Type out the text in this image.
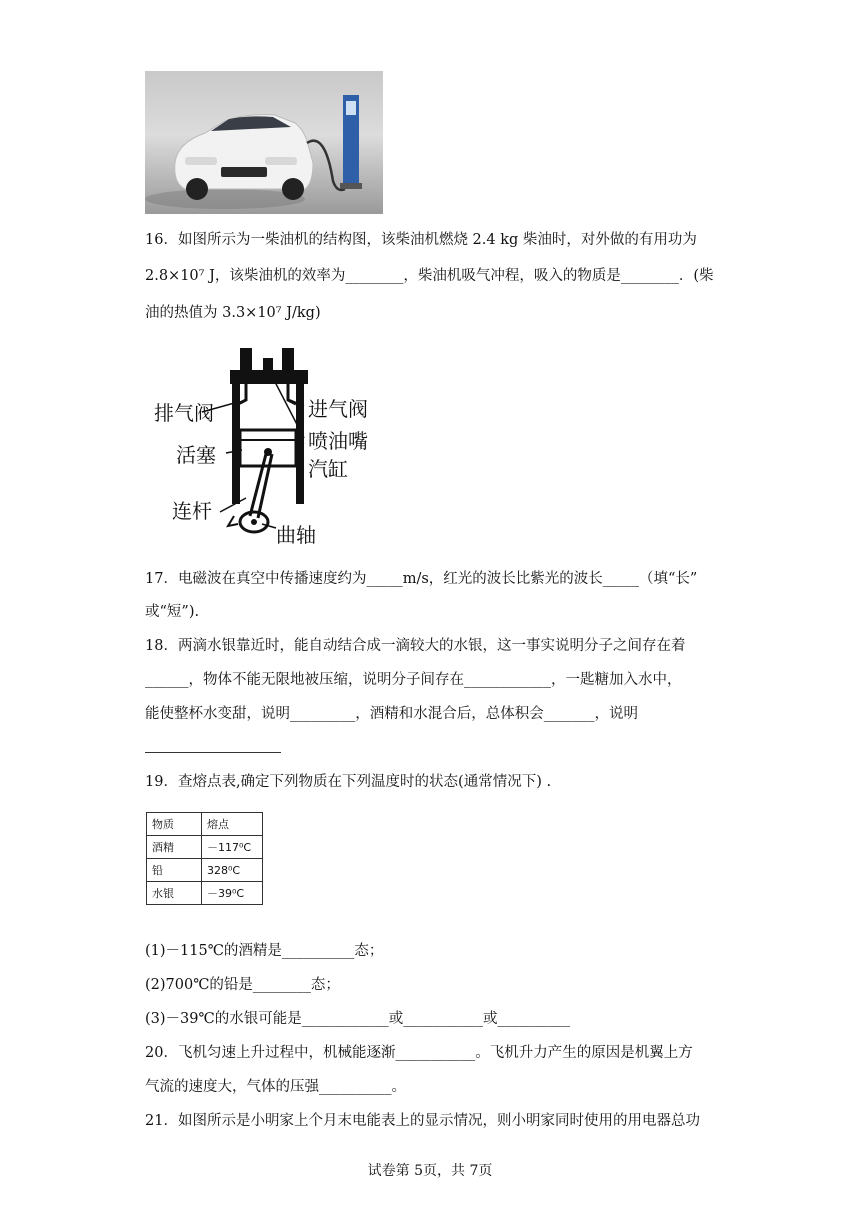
16．如图所示为一柴油机的结构图，该柴油机燃烧 2.4 kg 柴油时，对外做的有用功为
2.8×10⁷ J，该柴油机的效率为________，柴油机吸气冲程，吸入的物质是________．(柴
油的热值为 3.3×10⁷ J/kg)
排气阀	进气阀
喷油嘴
活塞
汽缸
连杆
曲轴
17．电磁波在真空中传播速度约为_____m/s，红光的波长比紫光的波长_____（填“长”
或“短”).
18．两滴水银靠近时，能自动结合成一滴较大的水银，这一事实说明分子之间存在着
______，物体不能无限地被压缩，说明分子间存在____________，一匙糖加入水中，
能使整杯水变甜，说明_________，酒精和水混合后，总体积会_______，说明
19．查熔点表,确定下列物质在下列温度时的状态(通常情况下) .
物质	熔点
酒精	－117⁰C
铅	328⁰C
水银	－39⁰C
(1)－115℃的酒精是__________态；
(2)700℃的铅是________态；
(3)－39℃的水银可能是____________或___________或__________
20．飞机匀速上升过程中，机械能逐渐___________。飞机升力产生的原因是机翼上方
气流的速度大，气体的压强__________。
21．如图所示是小明家上个月末电能表上的显示情况，则小明家同时使用的用电器总功
试卷第 5页，共 7页
